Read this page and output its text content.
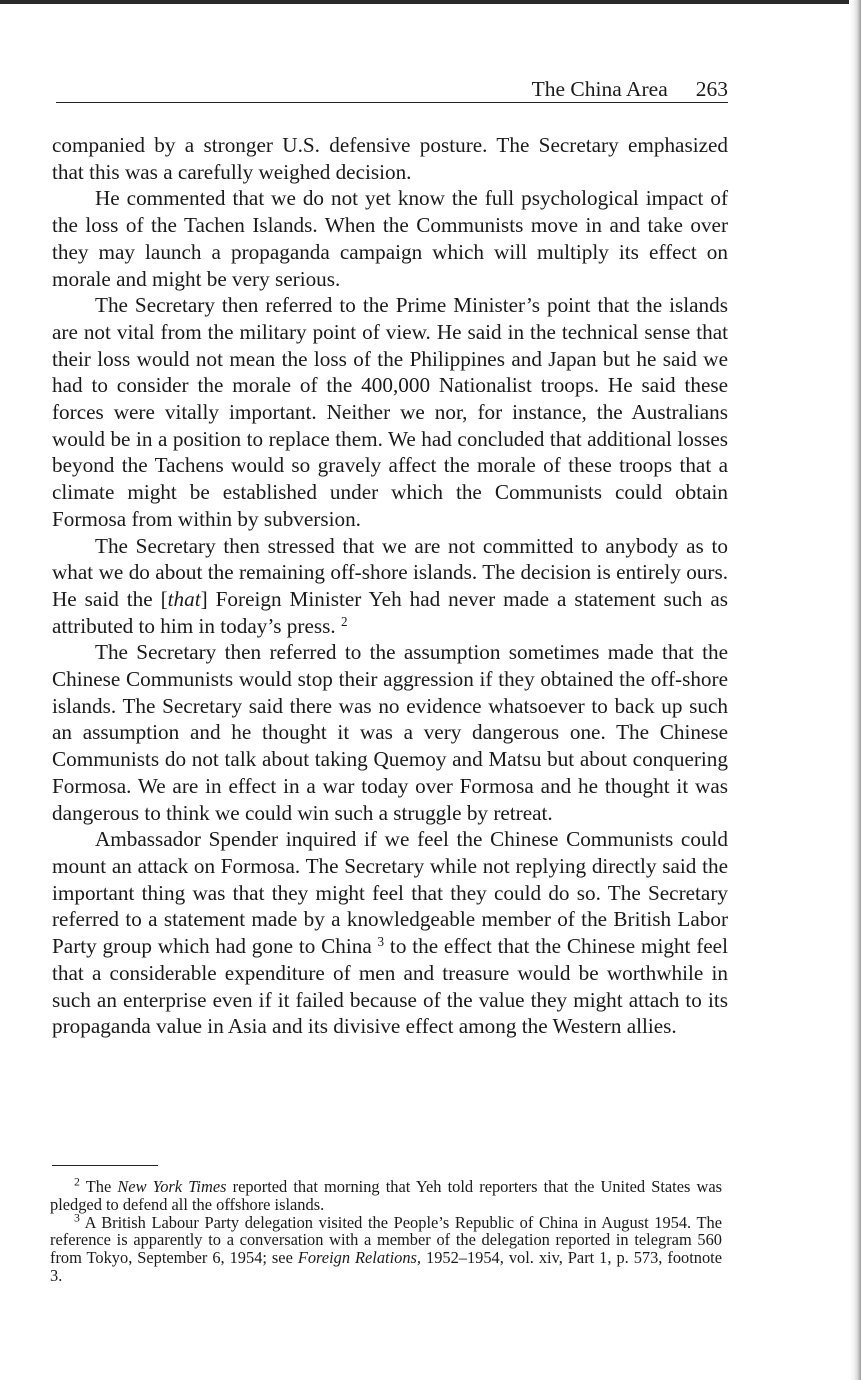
The China Area 263

companied by a stronger U.S. defensive posture. The Secretary emphasized that this was a carefully weighed decision.

He commented that we do not yet know the full psychological impact of the loss of the Tachen Islands. When the Communists move in and take over they may launch a propaganda campaign which will multiply its effect on morale and might be very serious.

The Secretary then referred to the Prime Minister’s point that the islands are not vital from the military point of view. He said in the technical sense that their loss would not mean the loss of the Philippines and Japan but he said we had to consider the morale of the 400,000 Nationalist troops. He said these forces were vitally important. Neither we nor, for instance, the Australians would be in a position to replace them. We had concluded that additional losses beyond the Tachens would so gravely affect the morale of these troops that a climate might be established under which the Communists could obtain Formosa from within by subversion.

The Secretary then stressed that we are not committed to anybody as to what we do about the remaining off-shore islands. The decision is entirely ours. He said the [that] Foreign Minister Yeh had never made a statement such as attributed to him in today’s press. $^2$

The Secretary then referred to the assumption sometimes made that the Chinese Communists would stop their aggression if they obtained the off-shore islands. The Secretary said there was no evidence whatsoever to back up such an assumption and he thought it was a very dangerous one. The Chinese Communists do not talk about taking Quemoy and Matsu but about conquering Formosa. We are in effect in a war today over Formosa and he thought it was dangerous to think we could win such a struggle by retreat.

Ambassador Spender inquired if we feel the Chinese Communists could mount an attack on Formosa. The Secretary while not replying directly said the important thing was that they might feel that they could do so. The Secretary referred to a statement made by a knowledgeable member of the British Labor Party group which had gone to China $^3$ to the effect that the Chinese might feel that a considerable expenditure of men and treasure would be worthwhile in such an enterprise even if it failed because of the value they might attach to its propaganda value in Asia and its divisive effect among the Western allies.

$^2$ The New York Times reported that morning that Yeh told reporters that the United States was pledged to defend all the offshore islands.

$^3$ A British Labour Party delegation visited the People’s Republic of China in August 1954. The reference is apparently to a conversation with a member of the delegation reported in telegram 560 from Tokyo, September 6, 1954; see Foreign Relations, 1952–1954, vol. xiv, Part 1, p. 573, footnote 3.
